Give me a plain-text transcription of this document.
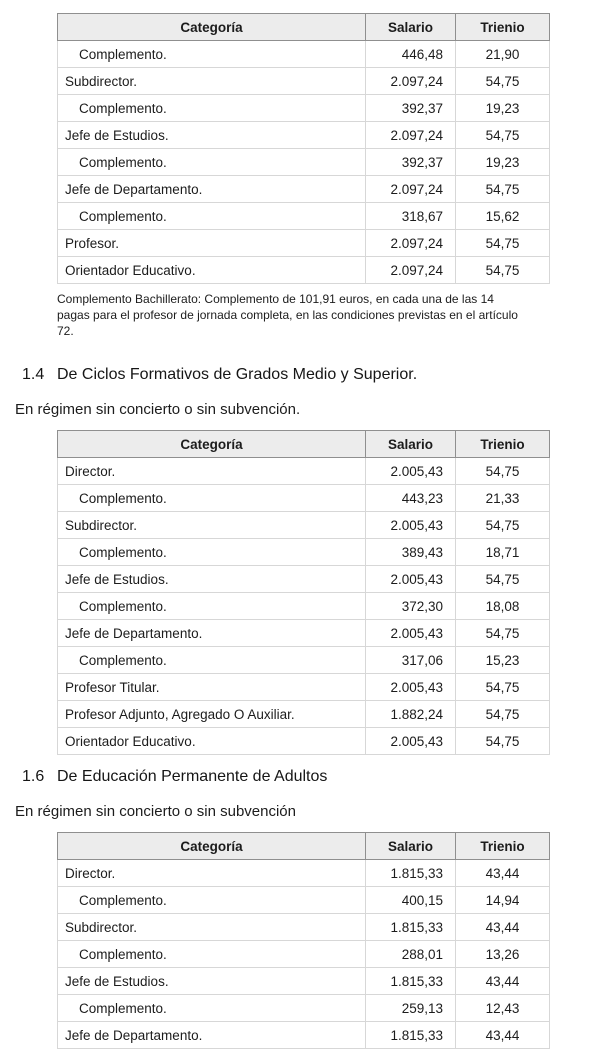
Categoría	Salario	Trienio
Complemento.	446,48	21,90
Subdirector.	2.097,24	54,75
Complemento.	392,37	19,23
Jefe de Estudios.	2.097,24	54,75
Complemento.	392,37	19,23
Jefe de Departamento.	2.097,24	54,75
Complemento.	318,67	15,62
Profesor.	2.097,24	54,75
Orientador Educativo.	2.097,24	54,75

Complemento Bachillerato: Complemento de 101,91 euros, en cada una de las 14 pagas para el profesor de jornada completa, en las condiciones previstas en el artículo 72.

1.4 De Ciclos Formativos de Grados Medio y Superior.

En régimen sin concierto o sin subvención.

Categoría	Salario	Trienio
Director.	2.005,43	54,75
Complemento.	443,23	21,33
Subdirector.	2.005,43	54,75
Complemento.	389,43	18,71
Jefe de Estudios.	2.005,43	54,75
Complemento.	372,30	18,08
Jefe de Departamento.	2.005,43	54,75
Complemento.	317,06	15,23
Profesor Titular.	2.005,43	54,75
Profesor Adjunto, Agregado O Auxiliar.	1.882,24	54,75
Orientador Educativo.	2.005,43	54,75
1.6 De Educación Permanente de Adultos

En régimen sin concierto o sin subvención

Categoría	Salario	Trienio
Director.	1.815,33	43,44
Complemento.	400,15	14,94
Subdirector.	1.815,33	43,44
Complemento.	288,01	13,26
Jefe de Estudios.	1.815,33	43,44
Complemento.	259,13	12,43
Jefe de Departamento.	1.815,33	43,44
